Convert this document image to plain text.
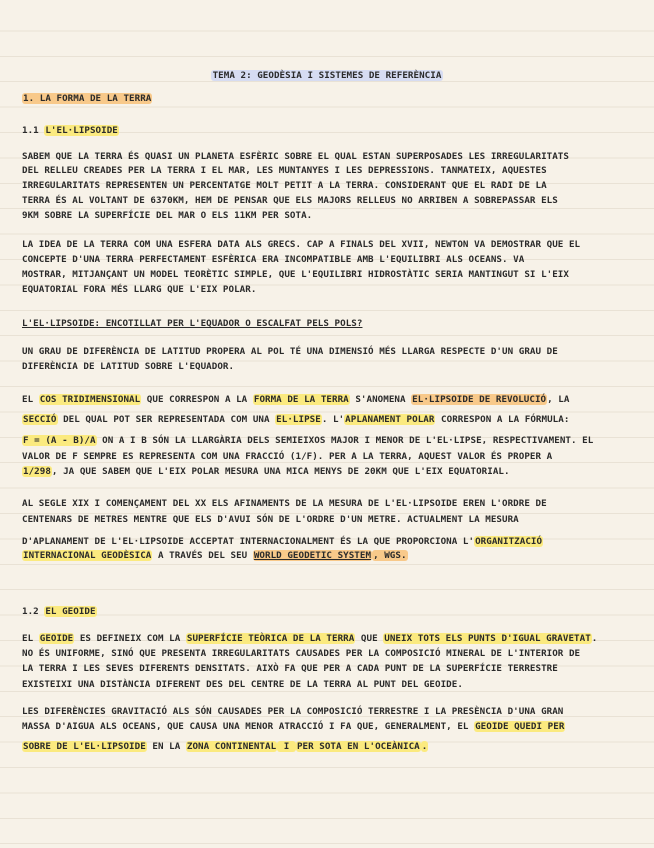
TEMA 2: GEODÈSIA I SISTEMES DE REFERÈNCIA
1. LA FORMA DE LA TERRA
1.1 L'EL·LIPSOIDE
SABEM QUE LA TERRA ÉS QUASI UN PLANETA ESFÈRIC SOBRE EL QUAL ESTAN SUPERPOSADES LES IRREGULARITATS
DEL RELLEU CREADES PER LA TERRA I EL MAR, LES MUNTANYES I LES DEPRESSIONS. TANMATEIX, AQUESTES
IRREGULARITATS REPRESENTEN UN PERCENTATGE MOLT PETIT A LA TERRA. CONSIDERANT QUE EL RADI DE LA
TERRA ÉS AL VOLTANT DE 6370KM, HEM DE PENSAR QUE ELS MAJORS RELLEUS NO ARRIBEN A SOBREPASSAR ELS
9KM SOBRE LA SUPERFÍCIE DEL MAR O ELS 11KM PER SOTA.
LA IDEA DE LA TERRA COM UNA ESFERA DATA ALS GRECS. CAP A FINALS DEL XVII, NEWTON VA DEMOSTRAR QUE EL
CONCEPTE D'UNA TERRA PERFECTAMENT ESFÈRICA ERA INCOMPATIBLE AMB L'EQUILIBRI ALS OCEANS. VA
MOSTRAR, MITJANÇANT UN MODEL TEORÈTIC SIMPLE, QUE L'EQUILIBRI HIDROSTÀTIC SERIA MANTINGUT SI L'EIX
EQUATORIAL FORA MÉS LLARG QUE L'EIX POLAR.
L'EL·LIPSOIDE: ENCOTILLAT PER L'EQUADOR O ESCALFAT PELS POLS?
UN GRAU DE DIFERÈNCIA DE LATITUD PROPERA AL POL TÉ UNA DIMENSIÓ MÉS LLARGA RESPECTE D'UN GRAU DE
DIFERÈNCIA DE LATITUD SOBRE L'EQUADOR.
EL COS TRIDIMENSIONAL QUE CORRESPON A LA FORMA DE LA TERRA S'ANOMENA EL·LIPSOIDE DE REVOLUCIÓ, LA
SECCIÓ DEL QUAL POT SER REPRESENTADA COM UNA EL·LIPSE. L'APLANAMENT POLAR CORRESPON A LA FÓRMULA:
F = (A - B)/A ON A I B SÓN LA LLARGÀRIA DELS SEMIEIXOS MAJOR I MENOR DE L'EL·LIPSE, RESPECTIVAMENT. EL
VALOR DE F SEMPRE ES REPRESENTA COM UNA FRACCIÓ (1/F). PER A LA TERRA, AQUEST VALOR ÉS PROPER A
1/298, JA QUE SABEM QUE L'EIX POLAR MESURA UNA MICA MENYS DE 20KM QUE L'EIX EQUATORIAL.
AL SEGLE XIX I COMENÇAMENT DEL XX ELS AFINAMENTS DE LA MESURA DE L'EL·LIPSOIDE EREN L'ORDRE DE
CENTENARS DE METRES MENTRE QUE ELS D'AVUI SÓN DE L'ORDRE D'UN METRE. ACTUALMENT LA MESURA
D'APLANAMENT DE L'EL·LIPSOIDE ACCEPTAT INTERNACIONALMENT ÉS LA QUE PROPORCIONA L'ORGANITZACIÓ
INTERNACIONAL GEODÈSICA A TRAVÉS DEL SEU WORLD GEODETIC SYSTEM , WGS.
1.2 EL GEOIDE
EL GEOIDE ES DEFINEIX COM LA SUPERFÍCIE TEÒRICA DE LA TERRA QUE UNEIX TOTS ELS PUNTS D'IGUAL GRAVETAT.
NO ÉS UNIFORME, SINÓ QUE PRESENTA IRREGULARITATS CAUSADES PER LA COMPOSICIÓ MINERAL DE L'INTERIOR DE
LA TERRA I LES SEVES DIFERENTS DENSITATS. AIXÒ FA QUE PER A CADA PUNT DE LA SUPERFÍCIE TERRESTRE
EXISTEIXI UNA DISTÀNCIA DIFERENT DES DEL CENTRE DE LA TERRA AL PUNT DEL GEOIDE.
LES DIFERÈNCIES GRAVITACIÓ ALS SÓN CAUSADES PER LA COMPOSICIÓ TERRESTRE I LA PRESÈNCIA D'UNA GRAN
MASSA D'AIGUA ALS OCEANS, QUE CAUSA UNA MENOR ATRACCIÓ I FA QUE, GENERALMENT, EL GEOIDE QUEDI PER
SOBRE DE L'EL·LIPSOIDE EN LA ZONA CONTINENTAL I PER SOTA EN L'OCEÀNICA .
